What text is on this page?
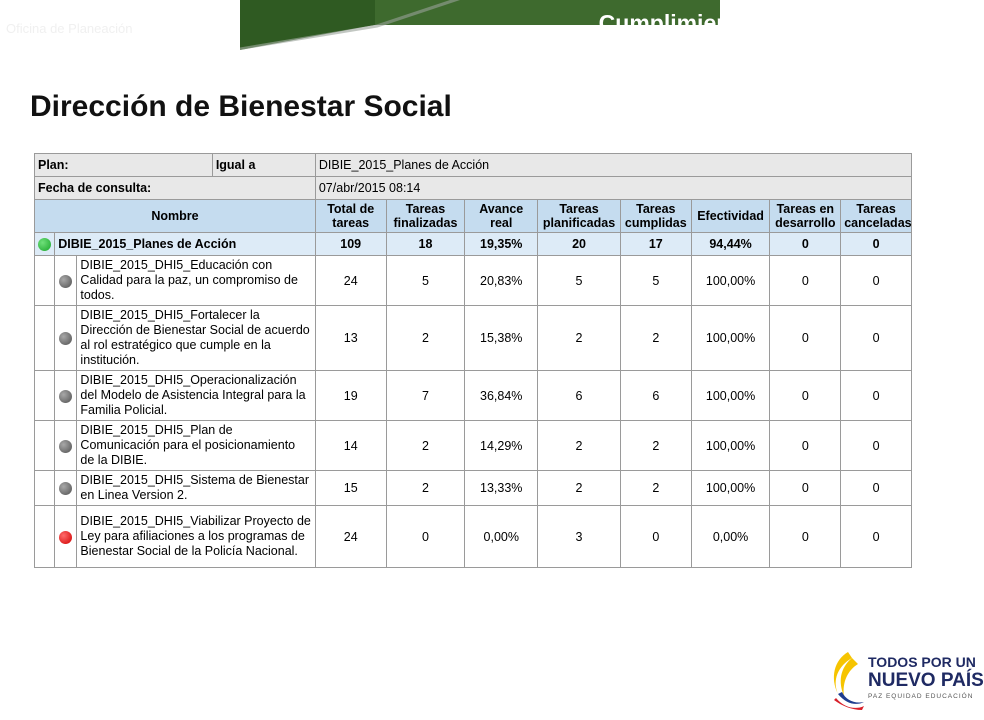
Policía Nacional de Colombia
Oficina de Planeación	Cumplimiento Planes de Acción
Dirección de Bienestar Social
Plan:			Igual a	DIBIE_2015_Planes de Acción							
Fecha de consulta:				07/abr/2015 08:14							
Nombre				Total de tareas	Tareas finalizadas	Avance real	Tareas planificadas	Tareas cumplidas	Efectividad	Tareas en desarrollo	Tareas canceladas
	DIBIE_2015_Planes de Acción			109	18	19,35%	20	17	94,44%	0	0
		DIBIE_2015_DHI5_Educación con Calidad para la paz, un compromiso de todos.		24	5	20,83%	5	5	100,00%	0	0
		DIBIE_2015_DHI5_Fortalecer la Dirección de Bienestar Social de acuerdo al rol estratégico que cumple en la institución.		13	2	15,38%	2	2	100,00%	0	0
		DIBIE_2015_DHI5_Operacionalización del Modelo de Asistencia Integral para la Familia Policial.		19	7	36,84%	6	6	100,00%	0	0
		DIBIE_2015_DHI5_Plan de Comunicación para el posicionamiento de la DIBIE.		14	2	14,29%	2	2	100,00%	0	0
		DIBIE_2015_DHI5_Sistema de Bienestar en Linea Version 2.		15	2	13,33%	2	2	100,00%	0	0
		DIBIE_2015_DHI5_Viabilizar Proyecto de Ley para afiliaciones a los programas de Bienestar Social de la Policía Nacional.		24	0	0,00%	3	0	0,00%	0	0
TODOS POR UN
NUEVO PAÍS
PAZ EQUIDAD EDUCACIÓN
